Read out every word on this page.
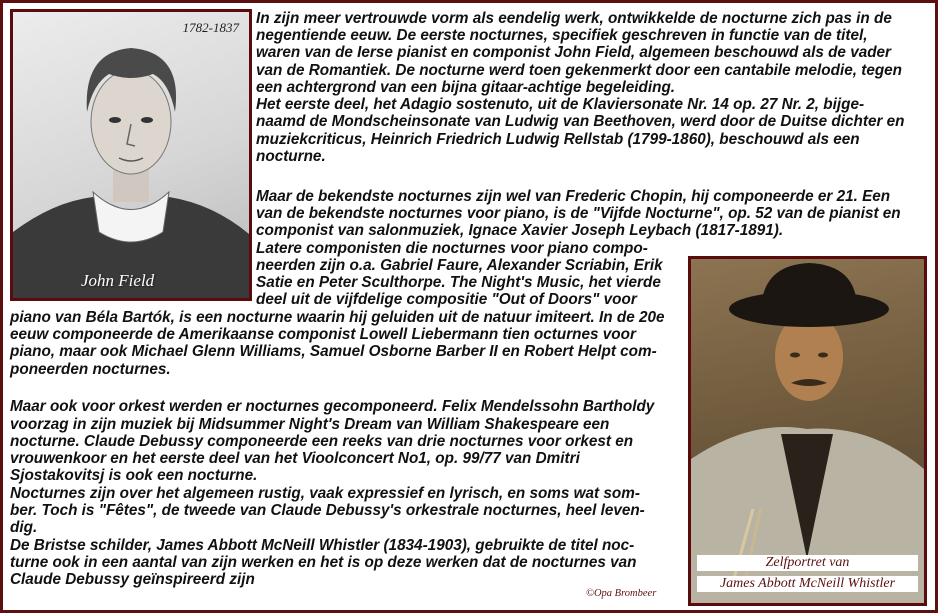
1782-1837
John Field
Zelfportret van
James Abbott McNeill Whistler
In zijn meer vertrouwde vorm als eendelig werk, ontwikkelde de nocturne zich pas in de
negentiende eeuw. De eerste nocturnes, specifiek geschreven in functie van de titel,
waren van de Ierse pianist en componist John Field, algemeen beschouwd als de vader
van de Romantiek. De nocturne werd toen gekenmerkt door een cantabile melodie, tegen
een achtergrond van een bijna gitaar-achtige begeleiding.
Het eerste deel, het Adagio sostenuto, uit de Klaviersonate Nr. 14 op. 27 Nr. 2, bijge-
naamd de Mondscheinsonate van Ludwig van Beethoven, werd door de Duitse dichter en
muziekcriticus, Heinrich Friedrich Ludwig Rellstab (1799-1860), beschouwd als een
nocturne.
Maar de bekendste nocturnes zijn wel van Frederic Chopin, hij componeerde er 21. Een
van de bekendste nocturnes voor piano, is de "Vijfde Nocturne", op. 52 van de pianist en
componist van salonmuziek, Ignace Xavier Joseph Leybach (1817-1891).
Latere componisten die nocturnes voor piano compo-
neerden zijn o.a. Gabriel Faure, Alexander Scriabin, Erik
Satie en Peter Sculthorpe. The Night's Music, het vierde
deel uit de vijfdelige compositie "Out of Doors" voor
piano van Béla Bartók, is een nocturne waarin hij geluiden uit de natuur imiteert. In de 20e
eeuw componeerde de Amerikaanse componist Lowell Liebermann tien octurnes voor
piano, maar ook Michael Glenn Williams, Samuel Osborne Barber II en Robert Helpt com-
poneerden nocturnes.
Maar ook voor orkest werden er nocturnes gecomponeerd. Felix Mendelssohn Bartholdy
voorzag in zijn muziek bij Midsummer Night's Dream van William Shakespeare een
nocturne. Claude Debussy componeerde een reeks van drie nocturnes voor orkest en
vrouwenkoor en het eerste deel van het Vioolconcert No1, op. 99/77 van Dmitri
Sjostakovitsj is ook een nocturne.
Nocturnes zijn over het algemeen rustig, vaak expressief en lyrisch, en soms wat som-
ber. Toch is "Fêtes", de tweede van Claude Debussy's orkestrale nocturnes, heel leven-
dig.
De Bristse schilder, James Abbott McNeill Whistler (1834-1903), gebruikte de titel noc-
turne ook in een aantal van zijn werken en het is op deze werken dat de nocturnes van
Claude Debussy geïnspireerd zijn
©Opa Brombeer
